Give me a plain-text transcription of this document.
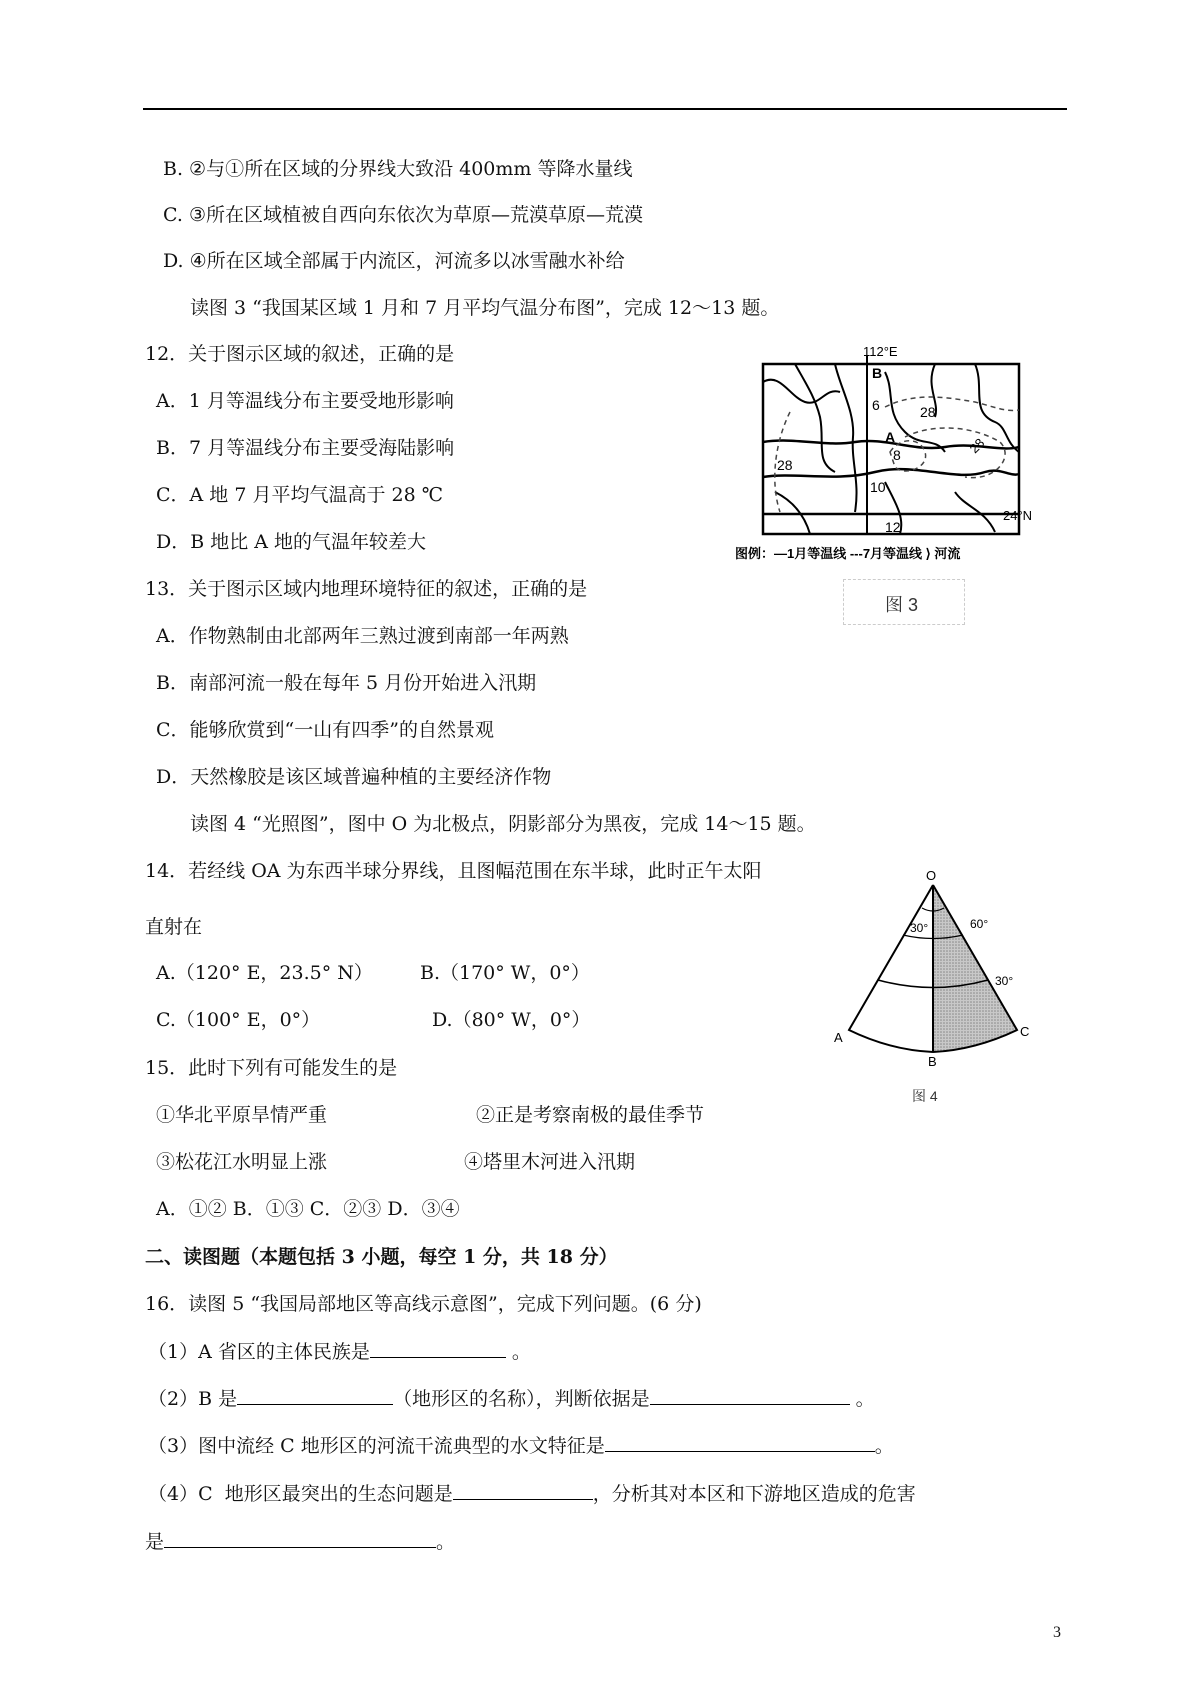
B. ②与①所在区域的分界线大致沿 400mm 等降水量线
C. ③所在区域植被自西向东依次为草原—荒漠草原—荒漠
D. ④所在区域全部属于内流区，河流多以冰雪融水补给
读图 3 “我国某区域 1 月和 7 月平均气温分布图”，完成 12～13 题。
12．关于图示区域的叙述，正确的是
A．1 月等温线分布主要受地形影响
B．7 月等温线分布主要受海陆影响
C．A 地 7 月平均气温高于 28 ℃
D．B 地比 A 地的气温年较差大
13．关于图示区域内地理环境特征的叙述，正确的是
A．作物熟制由北部两年三熟过渡到南部一年两熟
B．南部河流一般在每年 5 月份开始进入汛期
C．能够欣赏到“一山有四季”的自然景观
D．天然橡胶是该区域普遍种植的主要经济作物
读图 4 “光照图”，图中 O 为北极点，阴影部分为黑夜，完成 14～15 题。
14．若经线 OA 为东西半球分界线，且图幅范围在东半球，此时正午太阳
直射在
A.（120° E，23.5° N） B.（170° W，0°）
C.（100° E，0°）	D.（80° W，0°）
15．此时下列有可能发生的是
①华北平原旱情严重	②正是考察南极的最佳季节
③松花江水明显上涨	④塔里木河进入汛期
A．①② B．①③ C．②③ D．③④
二、读图题（本题包括 3 小题，每空 1 分，共 18 分）
16．读图 5 “我国局部地区等高线示意图”，完成下列问题。(6 分)
（1）A 省区的主体民族是	。
（2）B 是	（地形区的名称），判断依据是	。
（3）图中流经 C 地形区的河流干流典型的水文特征是	。
（4）C  地形区最突出的生态问题是	，分析其对本区和下游地区造成的危害
是	。
112°E
24°N
B
6	28
A
8	28
28
10
12
图例：—1月等温线 ---7月等温线 ⟩ 河流
图 3
O
30°	60°
30°
A
B
C
图 4
3
